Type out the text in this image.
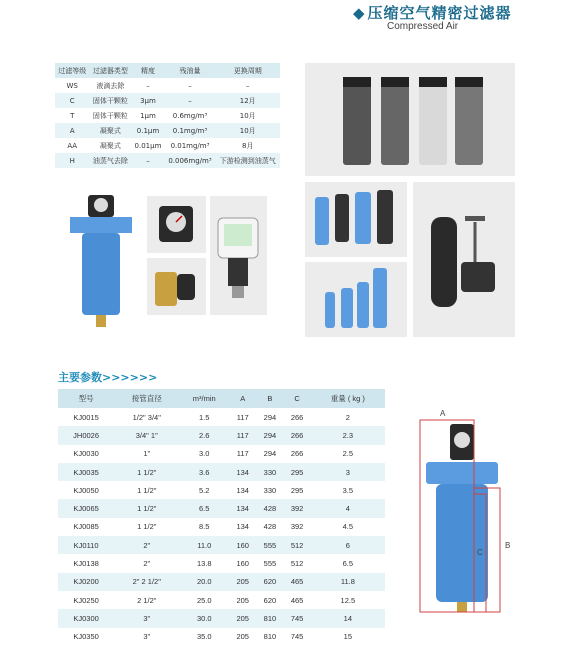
◆ 压缩空气精密过滤器
Compressed Air
过滤等级	过滤器类型	精度	残油量	更换周期
WS	液滴去除	–	–	–
C	固体干颗粒	3μm	–	12月
T	固体干颗粒	1μm	0.6mg/m³	10月
A	凝聚式	0.1μm	0.1mg/m³	10月
AA	凝聚式	0.01μm	0.01mg/m³	8月
H	油蒸气去除	–	0.006mg/m³	下游检测到油蒸气
主要参数>>>>>>
型号	接管直径	m³/min	A	B	C	重量 ( kg )
KJ0015	1/2" 3/4"	1.5	117	294	266	2
JH0026	3/4" 1"	2.6	117	294	266	2.3
KJ0030	1"	3.0	117	294	266	2.5
KJ0035	1 1/2"	3.6	134	330	295	3
KJ0050	1 1/2"	5.2	134	330	295	3.5
KJ0065	1 1/2"	6.5	134	428	392	4
KJ0085	1 1/2"	8.5	134	428	392	4.5
KJ0110	2"	11.0	160	555	512	6
KJ0138	2"	13.8	160	555	512	6.5
KJ0200	2" 2 1/2"	20.0	205	620	465	11.8
KJ0250	2 1/2"	25.0	205	620	465	12.5
KJ0300	3"	30.0	205	810	745	14
KJ0350	3"	35.0	205	810	745	15
A
B
C
